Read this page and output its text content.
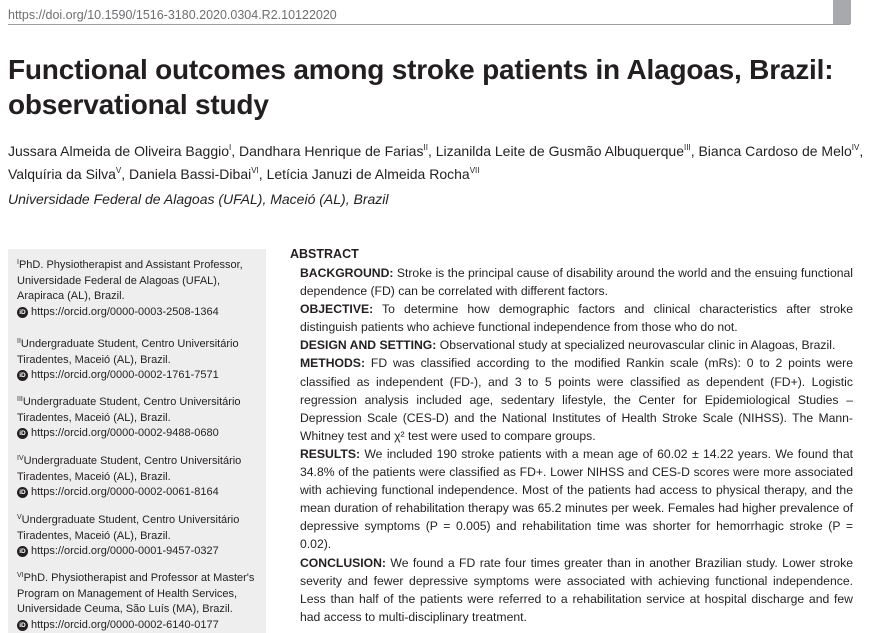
https://doi.org/10.1590/1516-3180.2020.0304.R2.10122020
Functional outcomes among stroke patients in Alagoas, Brazil: observational study

Jussara Almeida de Oliveira Baggio$^I$, Dandhara Henrique de Farias$^{II}$, Lizanilda Leite de Gusmão Albuquerque$^{III}$, Bianca Cardoso de Melo$^{IV}$, Valquíria da Silva$^V$, Daniela Bassi-Dibai$^{VI}$, Letícia Januzi de Almeida Rocha$^{VII}$

Universidade Federal de Alagoas (UFAL), Maceió (AL), Brazil
$^I$PhD. Physiotherapist and Assistant Professor,
Universidade Federal de Alagoas (UFAL),
Arapiraca (AL), Brazil.
iD https://orcid.org/0000-0003-2508-1364
$^{II}$Undergraduate Student, Centro Universitário
Tiradentes, Maceió (AL), Brazil.
iD https://orcid.org/0000-0002-1761-7571
$^{III}$Undergraduate Student, Centro Universitário
Tiradentes, Maceió (AL), Brazil.
iD https://orcid.org/0000-0002-9488-0680
$^{IV}$Undergraduate Student, Centro Universitário
Tiradentes, Maceió (AL), Brazil.
iD https://orcid.org/0000-0002-0061-8164
$^V$Undergraduate Student, Centro Universitário
Tiradentes, Maceió (AL), Brazil.
iD https://orcid.org/0000-0001-9457-0327
$^{VI}$PhD. Physiotherapist and Professor at Master's
Program on Management of Health Services,
Universidade Ceuma, São Luís (MA), Brazil.
iD https://orcid.org/0000-0002-6140-0177
ABSTRACT

BACKGROUND: Stroke is the principal cause of disability around the world and the ensuing functional dependence (FD) can be correlated with different factors.

OBJECTIVE: To determine how demographic factors and clinical characteristics after stroke distinguish patients who achieve functional independence from those who do not.

DESIGN AND SETTING: Observational study at specialized neurovascular clinic in Alagoas, Brazil.

METHODS: FD was classified according to the modified Rankin scale (mRs): 0 to 2 points were classified as independent (FD-), and 3 to 5 points were classified as dependent (FD+). Logistic regression analysis included age, sedentary lifestyle, the Center for Epidemiological Studies – Depression Scale (CES-D) and the National Institutes of Health Stroke Scale (NIHSS). The Mann-Whitney test and χ² test were used to compare groups.

RESULTS: We included 190 stroke patients with a mean age of 60.02 ± 14.22 years. We found that 34.8% of the patients were classified as FD+. Lower NIHSS and CES-D scores were more associated with achieving functional independence. Most of the patients had access to physical therapy, and the mean duration of rehabilitation therapy was 65.2 minutes per week. Females had higher prevalence of depressive symptoms (P = 0.005) and rehabilitation time was shorter for hemorrhagic stroke (P = 0.02).

CONCLUSION: We found a FD rate four times greater than in another Brazilian study. Lower stroke severity and fewer depressive symptoms were associated with achieving functional independence. Less than half of the patients were referred to a rehabilitation service at hospital discharge and few had access to multi-disciplinary treatment.
